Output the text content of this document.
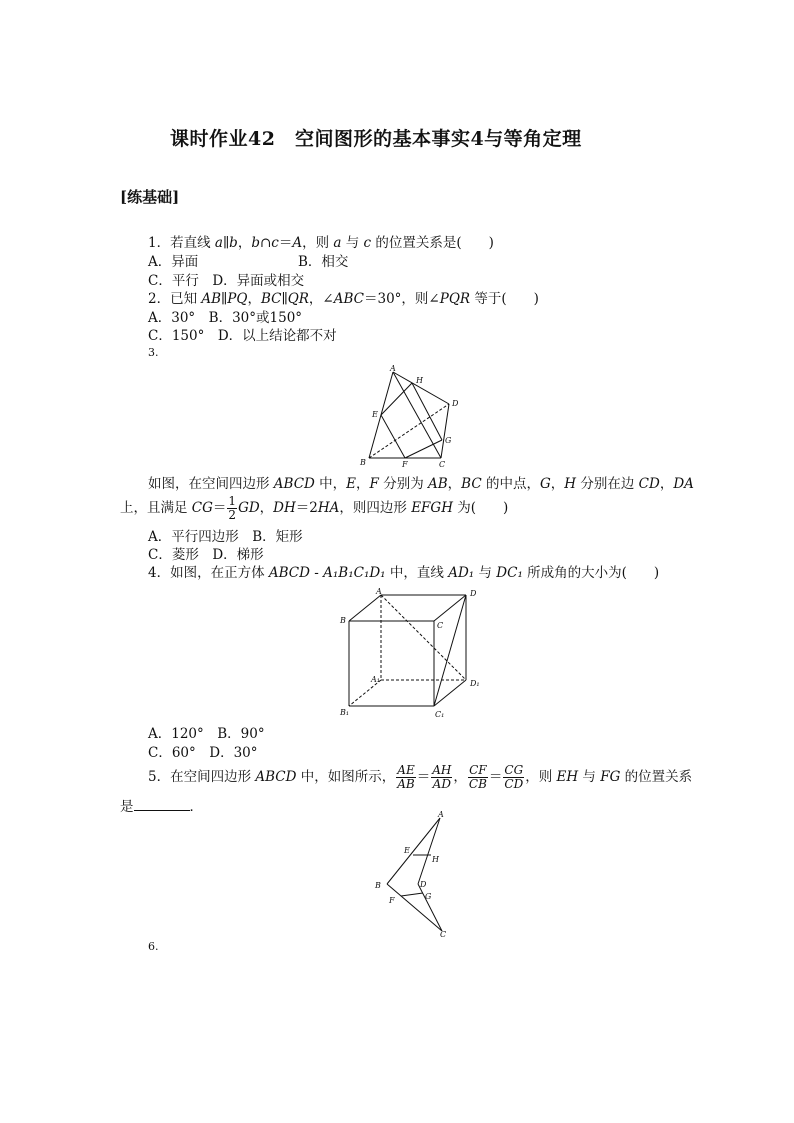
课时作业42　空间图形的基本事实4与等角定理
[练基础]
1．若直线 a∥b，b∩c＝A，则 a 与 c 的位置关系是(　　)
A．异面	B．相交
C．平行　D．异面或相交
2．已知 AB∥PQ，BC∥QR，∠ABC＝30°，则∠PQR 等于(　　)
A．30°　B．30°或150°
C．150°　D．以上结论都不对
3.
A
H
D
E
G
B	F	C
如图，在空间四边形 ABCD 中，E，F 分别为 AB，BC 的中点，G，H 分别在边 CD，DA
上，且满足 $CG= \frac{1}{2}$ GD，DH＝2HA，则四边形 EFGH 为(　　)
A．平行四边形　B．矩形
C．菱形　D．梯形
4．如图，在正方体 ABCD - A₁B₁C₁D₁ 中，直线 AD₁ 与 DC₁ 所成角的大小为(　　)
A	D
B
C
A₁	D₁
B₁	C₁
A．120°　B．90°
C．60°　D．30°
5．在空间四边形 ABCD 中，如图所示， $\frac{AE}{AB} = \frac{AH}{AD}$ ， $\frac{CF}{CB} = \frac{CG}{CD}$ ，则 EH 与 FG 的位置关系
是	．	A
E
H
B	D
F	G
C
6.
